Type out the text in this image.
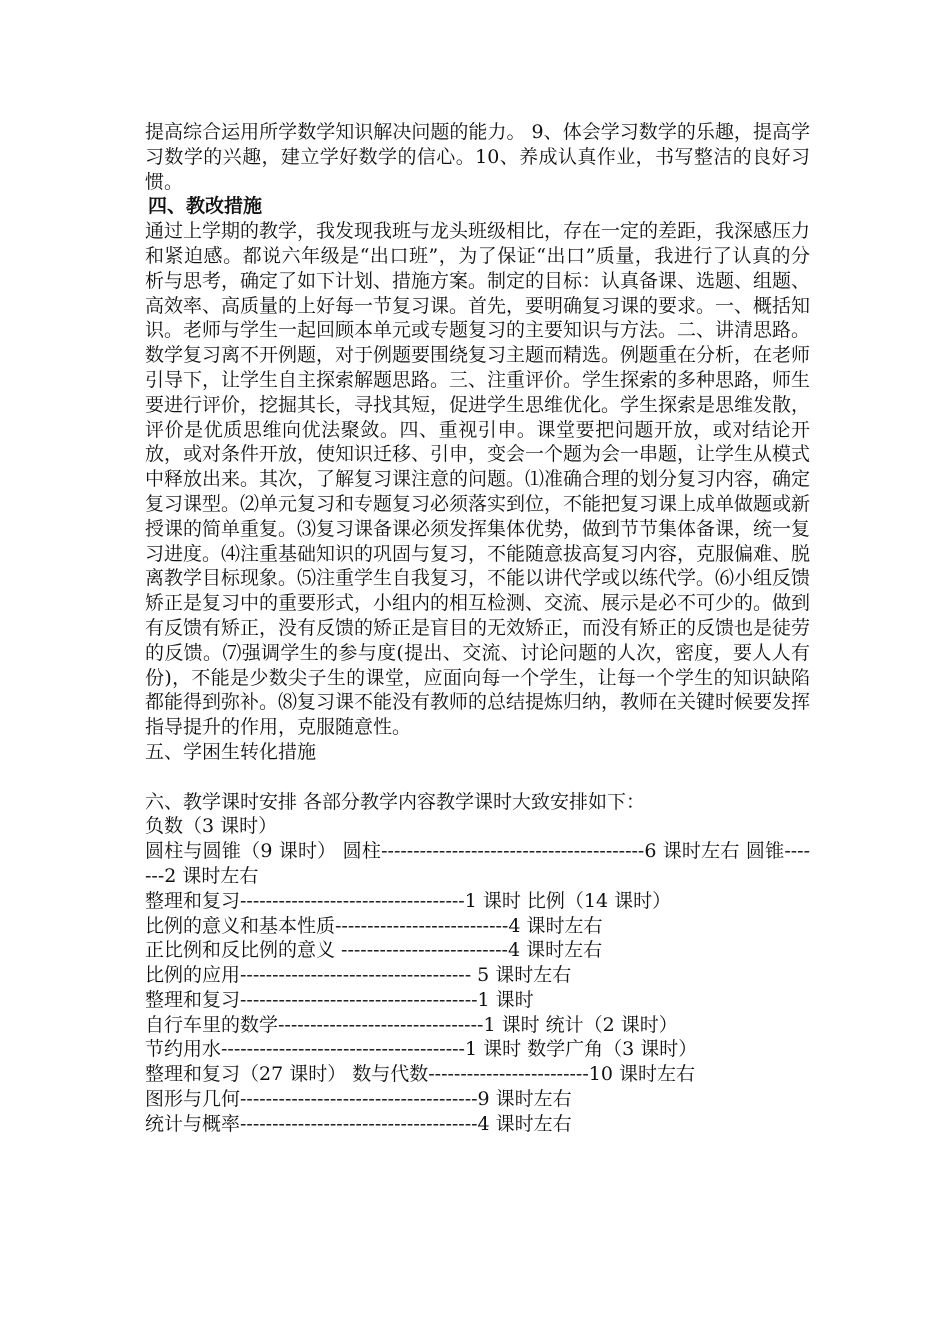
提高综合运用所学数学知识解决问题的能力。 9、体会学习数学的乐趣，提高学习数学的兴趣，建立学好数学的信心。10、养成认真作业，书写整洁的良好习惯。

四、教改措施

通过上学期的教学，我发现我班与龙头班级相比，存在一定的差距，我深感压力和紧迫感。都说六年级是“出口班”，为了保证“出口”质量，我进行了认真的分析与思考，确定了如下计划、措施方案。制定的目标：认真备课、选题、组题、高效率、高质量的上好每一节复习课。首先，要明确复习课的要求。一、概括知识。老师与学生一起回顾本单元或专题复习的主要知识与方法。二、讲清思路。数学复习离不开例题，对于例题要围绕复习主题而精选。例题重在分析，在老师引导下，让学生自主探索解题思路。三、注重评价。学生探索的多种思路，师生要进行评价，挖掘其长，寻找其短，促进学生思维优化。学生探索是思维发散，评价是优质思维向优法聚敛。四、重视引申。课堂要把问题开放，或对结论开放，或对条件开放，使知识迁移、引申，变会一个题为会一串题，让学生从模式中释放出来。其次，了解复习课注意的问题。⑴准确合理的划分复习内容，确定复习课型。⑵单元复习和专题复习必须落实到位，不能把复习课上成单做题或新授课的简单重复。⑶复习课备课必须发挥集体优势，做到节节集体备课，统一复习进度。⑷注重基础知识的巩固与复习，不能随意拔高复习内容，克服偏难、脱离教学目标现象。⑸注重学生自我复习，不能以讲代学或以练代学。⑹小组反馈矫正是复习中的重要形式，小组内的相互检测、交流、展示是必不可少的。做到有反馈有矫正，没有反馈的矫正是盲目的无效矫正，而没有矫正的反馈也是徒劳的反馈。⑺强调学生的参与度(提出、交流、讨论问题的人次，密度，要人人有份)，不能是少数尖子生的课堂，应面向每一个学生，让每一个学生的知识缺陷都能得到弥补。⑻复习课不能没有教师的总结提炼归纳，教师在关键时候要发挥指导提升的作用，克服随意性。

五、学困生转化措施

六、教学课时安排 各部分教学内容教学课时大致安排如下：

负数（3 课时）

圆柱与圆锥（9 课时） 圆柱-----------------------------------------6 课时左右 圆锥-------2 课时左右

整理和复习-----------------------------------1 课时 比例（14 课时）

比例的意义和基本性质---------------------------4 课时左右

正比例和反比例的意义 --------------------------4 课时左右

比例的应用------------------------------------ 5 课时左右

整理和复习-------------------------------------1 课时

自行车里的数学--------------------------------1 课时 统计（2 课时）

节约用水--------------------------------------1 课时 数学广角（3 课时）

整理和复习（27 课时） 数与代数-------------------------10 课时左右

图形与几何-------------------------------------9 课时左右

统计与概率-------------------------------------4 课时左右
